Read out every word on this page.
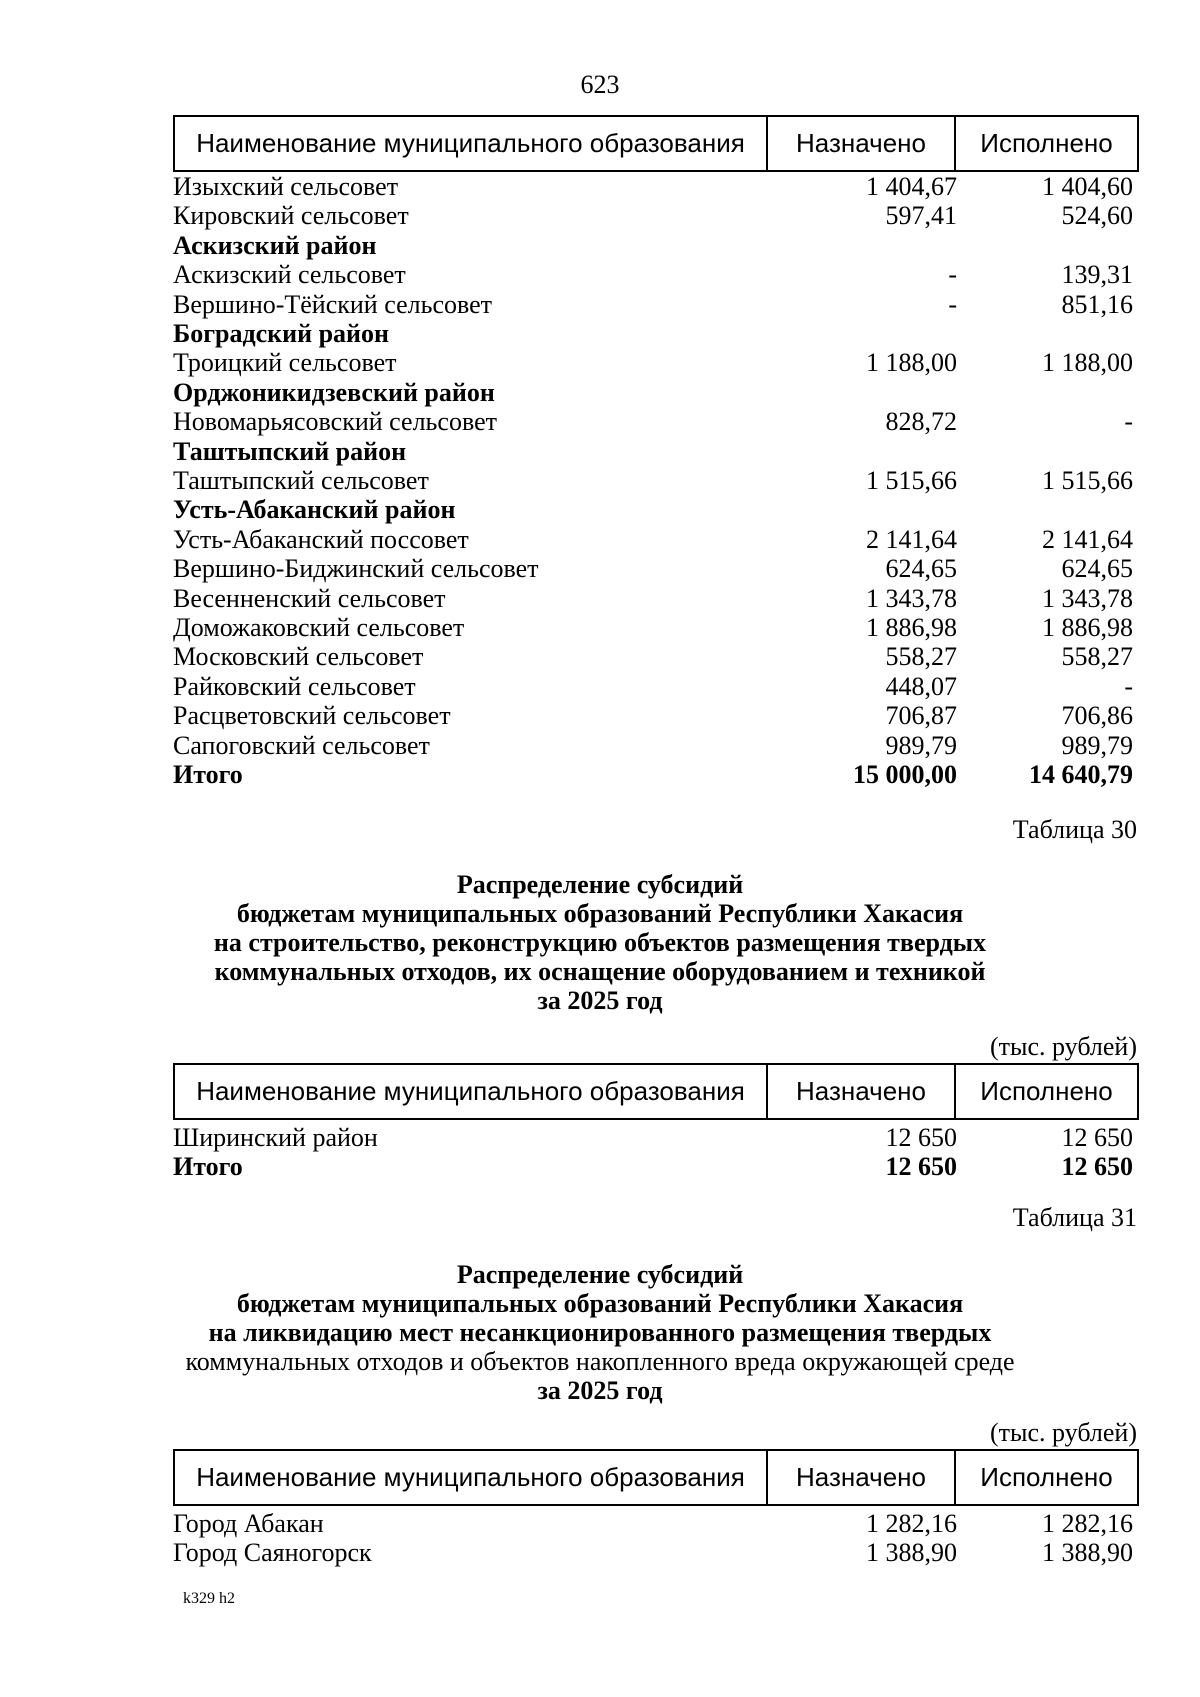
623
Наименование муниципального образования	Назначено	Исполнено
Изыхский сельсовет	1 404,67	1 404,60
Кировский сельсовет	597,41	524,60
Аскизский район
Аскизский сельсовет	-	139,31
Вершино-Тёйский сельсовет	-	851,16
Боградский район
Троицкий сельсовет	1 188,00	1 188,00
Орджоникидзевский район
Новомарьясовский сельсовет	828,72	-
Таштыпский район
Таштыпский сельсовет	1 515,66	1 515,66
Усть-Абаканский район
Усть-Абаканский поссовет	2 141,64	2 141,64
Вершино-Биджинский сельсовет	624,65	624,65
Весенненский сельсовет	1 343,78	1 343,78
Доможаковский сельсовет	1 886,98	1 886,98
Московский сельсовет	558,27	558,27
Райковский сельсовет	448,07	-
Расцветовский сельсовет	706,87	706,86
Сапоговский сельсовет	989,79	989,79
Итого	15 000,00	14 640,79
Таблица 30
Распределение субсидий
бюджетам муниципальных образований Республики Хакасия
на строительство, реконструкцию объектов размещения твердых
коммунальных отходов, их оснащение оборудованием и техникой
за 2025 год
(тыс. рублей)
Наименование муниципального образования	Назначено	Исполнено
Ширинский район	12 650	12 650
Итого	12 650	12 650
Таблица 31
Распределение субсидий
бюджетам муниципальных образований Республики Хакасия
на ликвидацию мест несанкционированного размещения твердых
коммунальных отходов и объектов накопленного вреда окружающей среде
за 2025 год
(тыс. рублей)
Наименование муниципального образования	Назначено	Исполнено
Город Абакан	1 282,16	1 282,16
Город Саяногорск	1 388,90	1 388,90
k329 h2
